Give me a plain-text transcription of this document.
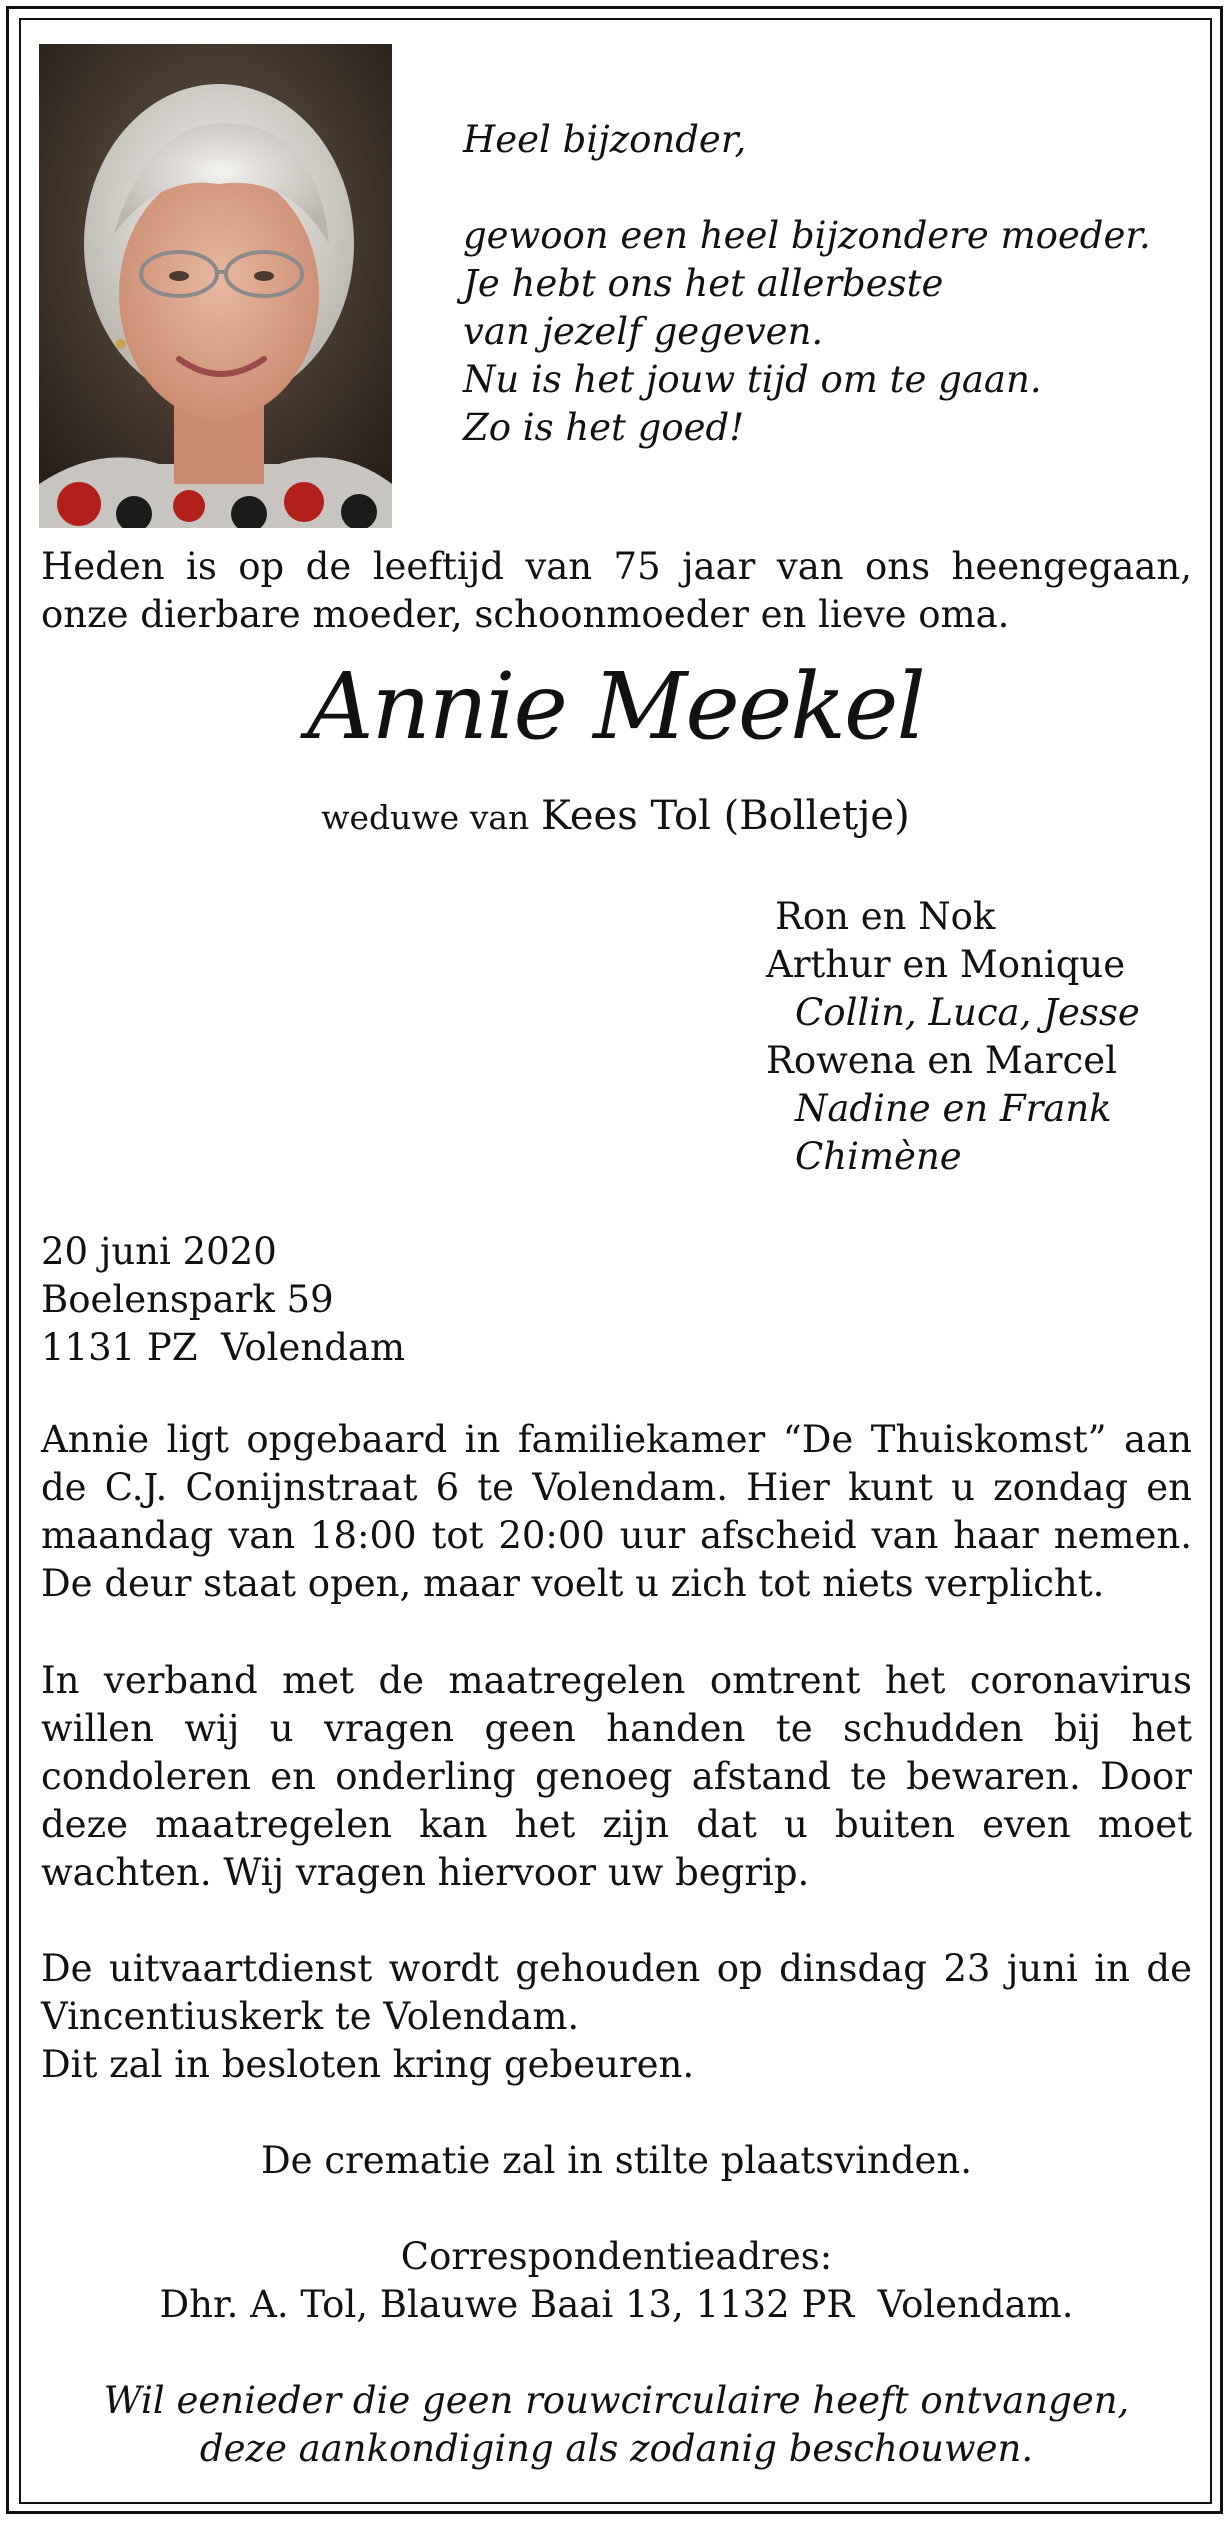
Heel bijzonder,
gewoon een heel bijzondere moeder.
Je hebt ons het allerbeste
van jezelf gegeven.
Nu is het jouw tijd om te gaan.
Zo is het goed!
Heden is op de leeftijd van 75 jaar van ons heengegaan, onze dierbare moeder, schoonmoeder en lieve oma.
Annie Meekel
weduwe van Kees Tol (Bolletje)
Ron en Nok
Arthur en Monique
Collin, Luca, Jesse
Rowena en Marcel
Nadine en Frank
Chimène
20 juni 2020
Boelenspark 59
1131 PZ  Volendam
Annie ligt opgebaard in familiekamer “De Thuiskomst” aan de C.J. Conijnstraat 6 te Volendam. Hier kunt u zondag en maandag van 18:00 tot 20:00 uur afscheid van haar nemen. De deur staat open, maar voelt u zich tot niets verplicht.
In verband met de maatregelen omtrent het coronavirus willen wij u vragen geen handen te schudden bij het condoleren en onderling genoeg afstand te bewaren. Door deze maatregelen kan het zijn dat u buiten even moet wachten. Wij vragen hiervoor uw begrip.
De uitvaartdienst wordt gehouden op dinsdag 23 juni in de Vincentiuskerk te Volendam.
Dit zal in besloten kring gebeuren.
De crematie zal in stilte plaatsvinden.
Correspondentieadres:
Dhr. A. Tol, Blauwe Baai 13, 1132 PR  Volendam.
Wil eenieder die geen rouwcirculaire heeft ontvangen,
deze aankondiging als zodanig beschouwen.
